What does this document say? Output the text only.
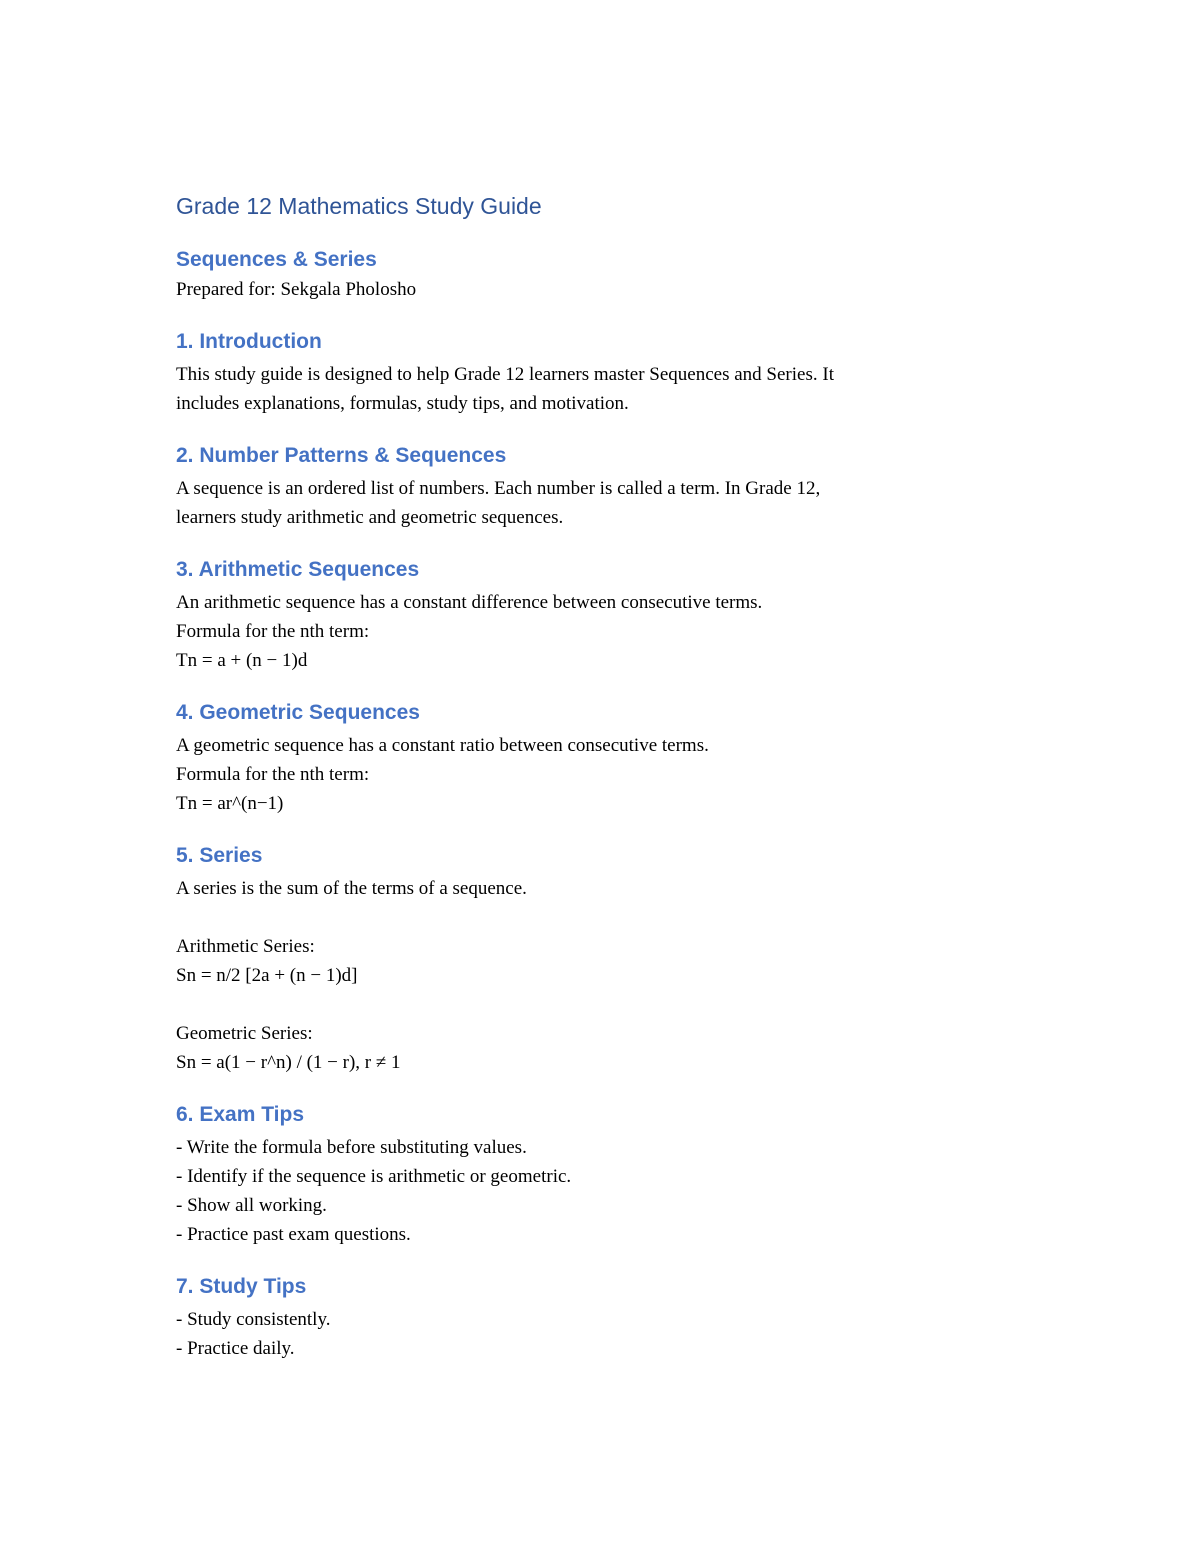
Grade 12 Mathematics Study Guide
Sequences & Series

Prepared for: Sekgala Pholosho

1. Introduction
This study guide is designed to help Grade 12 learners master Sequences and Series. It
includes explanations, formulas, study tips, and motivation.
2. Number Patterns & Sequences
A sequence is an ordered list of numbers. Each number is called a term. In Grade 12,
learners study arithmetic and geometric sequences.
3. Arithmetic Sequences
An arithmetic sequence has a constant difference between consecutive terms.
Formula for the nth term:
Tn = a + (n − 1)d
4. Geometric Sequences
A geometric sequence has a constant ratio between consecutive terms.
Formula for the nth term:
Tn = ar^(n−1)
5. Series
A series is the sum of the terms of a sequence.
Arithmetic Series:
Sn = n/2 [2a + (n − 1)d]
Geometric Series:
Sn = a(1 − r^n) / (1 − r), r ≠ 1
6. Exam Tips
- Write the formula before substituting values.
- Identify if the sequence is arithmetic or geometric.
- Show all working.
- Practice past exam questions.
7. Study Tips
- Study consistently.
- Practice daily.
